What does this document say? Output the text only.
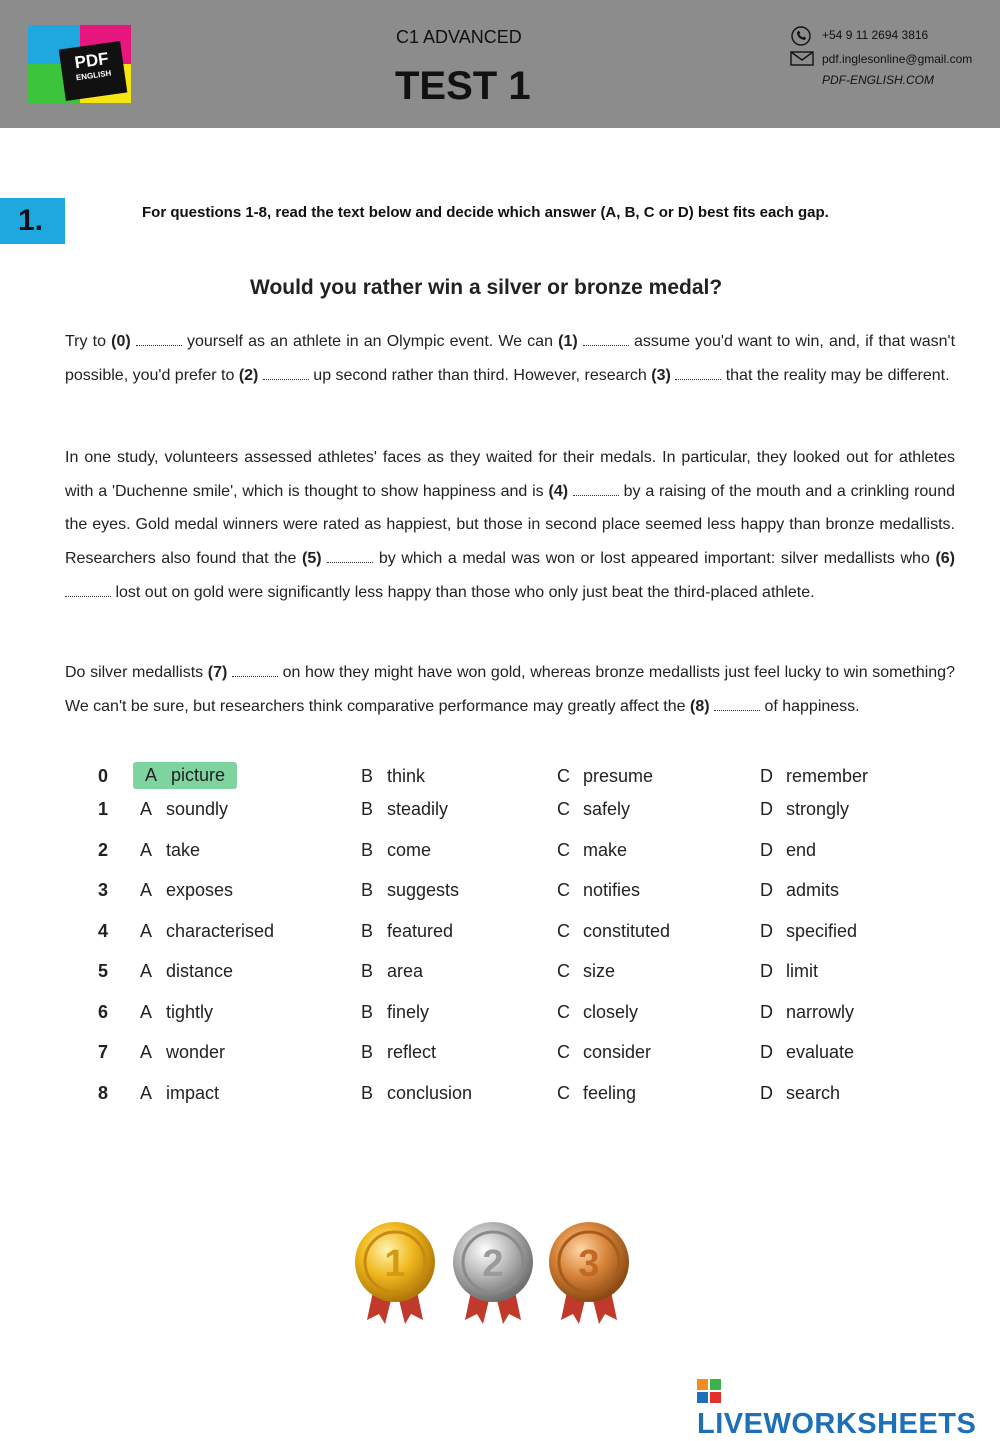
PDF
ENGLISH
C1 ADVANCED
TEST 1
+54 9 11 2694 3816
pdf.inglesonline@gmail.com
PDF-ENGLISH.COM
1.	For questions 1-8, read the text below and decide which answer (A, B, C or D) best fits each gap.
Would you rather win a silver or bronze medal?
Try to (0)	yourself as an athlete in an Olympic event. We can (1)	assume you'd want to win, and, if that wasn't possible, you'd prefer to (2)	up second rather than third. However, research (3)	that the reality may be different.
In one study, volunteers assessed athletes' faces as they waited for their medals. In particular, they looked out for athletes with a 'Duchenne smile', which is thought to show happiness and is (4)	by a raising of the mouth and a crinkling round the eyes. Gold medal winners were rated as happiest, but those in second place seemed less happy than bronze medallists. Researchers also found that the (5)	by which a medal was won or lost appeared important: silver medallists who (6)  lost out on gold were significantly less happy than those who only just beat the third-placed athlete.
Do silver medallists (7)	on how they might have won gold, whereas bronze medallists just feel lucky to win something? We can't be sure, but researchers think comparative performance may greatly affect the (8)	of happiness.
0	A picture	B think	C presume	D remember
1 A soundly	B steadily	C safely	D strongly
2 A take	B come	C make	D end
3 A exposes	B suggests	C notifies	D admits
4 A characterised	B featured	C constituted	D specified
5 A distance	B area	C size	D limit
6 A tightly	B finely	C closely	D narrowly
7 A wonder	B reflect	C consider	D evaluate
8 A impact	B conclusion	C feeling	D search
1 2 3
LIVEWORKSHEETS
